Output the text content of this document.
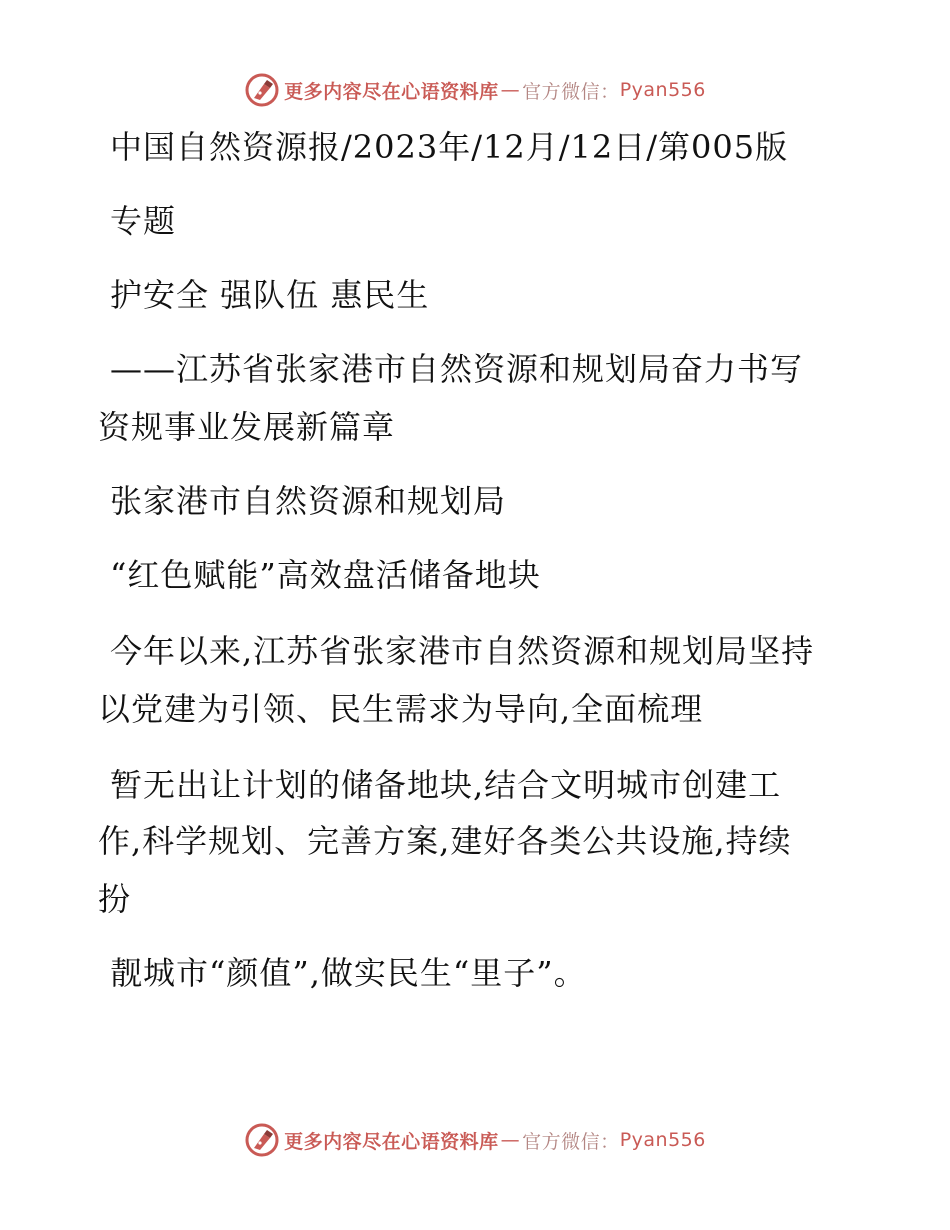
更多内容尽在心语资料库 — 官方微信： Pyan556
中国自然资源报/2023年/12月/12日/第005版
专题
护安全 强队伍 惠民生
——江苏省张家港市自然资源和规划局奋力书写
资规事业发展新篇章
张家港市自然资源和规划局
“红色赋能”高效盘活储备地块
今年以来,江苏省张家港市自然资源和规划局坚持
以党建为引领、民生需求为导向,全面梳理
暂无出让计划的储备地块,结合文明城市创建工
作,科学规划、完善方案,建好各类公共设施,持续
扮
靓城市“颜值”,做实民生“里子”。
更多内容尽在心语资料库 — 官方微信： Pyan556
